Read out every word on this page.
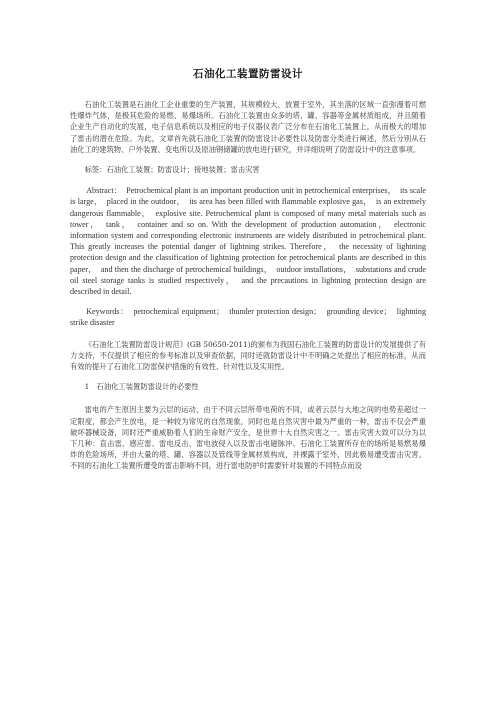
石油化工装置防雷设计

石油化工装置是石油化工企业重要的生产装置，其规模较大，放置于室外，其坐落的区域一直弥漫着可燃性爆炸气体，是极其危险的易燃、易爆场所。石油化工装置由众多的塔、罐、容器等金属材质组成，并且随着企业生产自动化的发展，电子信息系统以及相应的电子仪器仪表广泛分布在石油化工装置上，从而极大的增加了雷击的潜在危险。为此，文章首先就石油化工装置的防雷设计必要性以及防雷分类进行阐述，然后分别从石油化工的建筑物、户外装置、变电所以及原油钢储罐的放电进行研究，并详细说明了防雷设计中的注意事项。

标签：石油化工装置；防雷设计；接地装置；雷击灾害

Abstract：　Petrochemical plant is an important production unit in petrochemical enterprises，　its scale is large，　placed in the outdoor，　its area has been filled with flammable explosive gas，　is an extremely dangerous flammable，　explosive site. Petrochemical plant is composed of many metal materials such as tower，　tank，　container and so on. With the development of production automation，　electronic information system and corresponding electronic instruments are widely distributed in petrochemical plant. This greatly increases the potential danger of lightning strikes. Therefore，　the necessity of lightning protection design and the classification of lightning protection for petrochemical plants are described in this paper，　and then the discharge of petrochemical buildings，　outdoor installations，　substations and crude oil steel storage tanks is studied respectively，　and the precautions in lightning protection design are described in detail.

Keywords：　petrochemical equipment；　thunder protection design；　grounding device；　lightning strike disaster

《石油化工装置防雷设计规范》(GB 50650-2011)的颁布为我国石油化工装置的防雷设计的发展提供了有力支持，不仅提供了相应的参考标准以及审查依据，同时还就防雷设计中不明确之处提出了相应的标准，从而有效的提升了石油化工防雷保护措施的有效性、针对性以及实用性。

1　石油化工装置防雷设计的必要性

雷电的产生原因主要为云层的运动，由于不同云层所带电荷的不同，或者云层与大地之间的电势差超过一定限度，都会产生放电，是一种较为常见的自然现象，同时也是自然灾害中最为严重的一种，雷击不仅会严重破坏器械设备，同时还严重威胁着人们的生命财产安全，是世界十大自然灾害之一。雷击灾害大致可以分为以下几种：直击雷、感应雷、雷电反击、雷电波侵入以及雷击电磁脉冲。石油化工装置所存在的场所是易燃易爆炸的危险场所，并由大量的塔、罐、容器以及管线等金属材质构成，并裸露于室外，因此极易遭受雷击灾害。不同的石油化工装置所遭受的雷击影响不同，进行雷电防护时需要针对装置的不同特点而设
